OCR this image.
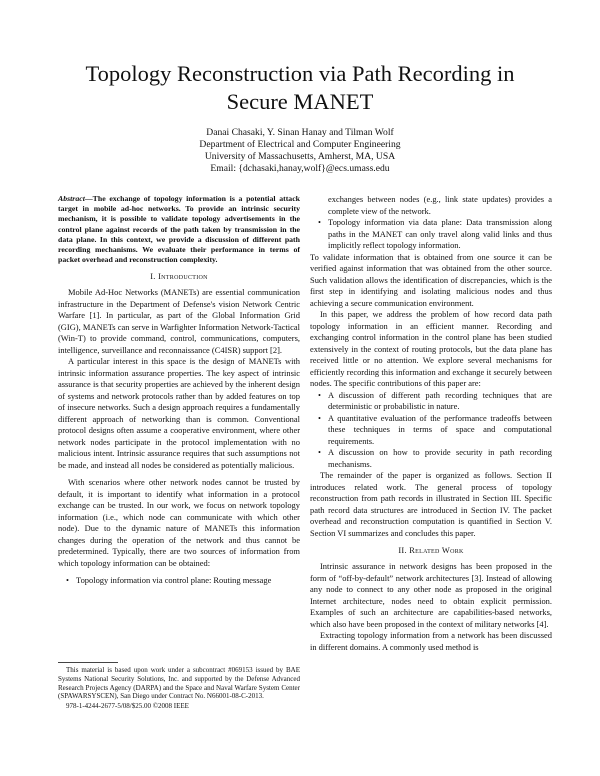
Topology Reconstruction via Path Recording in
Secure MANET
Danai Chasaki, Y. Sinan Hanay and Tilman Wolf
Department of Electrical and Computer Engineering
University of Massachusetts, Amherst, MA, USA
Email: {dchasaki,hanay,wolf}@ecs.umass.edu

Abstract—The exchange of topology information is a potential attack target in mobile ad-hoc networks. To provide an intrinsic security mechanism, it is possible to validate topology advertisements in the control plane against records of the path taken by transmission in the data plane. In this context, we provide a discussion of different path recording mechanisms. We evaluate their performance in terms of packet overhead and reconstruction complexity.

I. Introduction

Mobile Ad-Hoc Networks (MANETs) are essential communication infrastructure in the Department of Defense's vision Network Centric Warfare [1]. In particular, as part of the Global Information Grid (GIG), MANETs can serve in Warfighter Information Network-Tactical (Win-T) to provide command, control, communications, computers, intelligence, surveillance and reconnaissance (C4ISR) support [2].

A particular interest in this space is the design of MANETs with intrinsic information assurance properties. The key aspect of intrinsic assurance is that security properties are achieved by the inherent design of systems and network protocols rather than by added features on top of insecure networks. Such a design approach requires a fundamentally different approach of networking than is common. Conventional protocol designs often assume a cooperative environment, where other network nodes participate in the protocol implementation with no malicious intent. Intrinsic assurance requires that such assumptions not be made, and instead all nodes be considered as potentially malicious.

With scenarios where other network nodes cannot be trusted by default, it is important to identify what information in a protocol exchange can be trusted. In our work, we focus on network topology information (i.e., which node can communicate with which other node). Due to the dynamic nature of MANETs this information changes during the operation of the network and thus cannot be predetermined. Typically, there are two sources of information from which topology information can be obtained:

• Topology information via control plane: Routing message

This material is based upon work under a subcontract #069153 issued by BAE Systems National Security Solutions, Inc. and supported by the Defense Advanced Research Projects Agency (DARPA) and the Space and Naval Warfare System Center (SPAWARSYSCEN), San Diego under Contract No. N66001-08-C-2013.

978-1-4244-2677-5/08/$25.00 ©2008 IEEE

exchanges between nodes (e.g., link state updates) provides a complete view of the network.
• Topology information via data plane: Data transmission along paths in the MANET can only travel along valid links and thus implicitly reflect topology information.

To validate information that is obtained from one source it can be verified against information that was obtained from the other source. Such validation allows the identification of discrepancies, which is the first step in identifying and isolating malicious nodes and thus achieving a secure communication environment.

In this paper, we address the problem of how record data path topology information in an efficient manner. Recording and exchanging control information in the control plane has been studied extensively in the context of routing protocols, but the data plane has received little or no attention. We explore several mechanisms for efficiently recording this information and exchange it securely between nodes. The specific contributions of this paper are:

• A discussion of different path recording techniques that are deterministic or probabilistic in nature.
• A quantitative evaluation of the performance tradeoffs between these techniques in terms of space and computational requirements.
• A discussion on how to provide security in path recording mechanisms.

The remainder of the paper is organized as follows. Section II introduces related work. The general process of topology reconstruction from path records in illustrated in Section III. Specific path record data structures are introduced in Section IV. The packet overhead and reconstruction computation is quantified in Section V. Section VI summarizes and concludes this paper.

II. Related Work

Intrinsic assurance in network designs has been proposed in the form of “off-by-default” network architectures [3]. Instead of allowing any node to connect to any other node as proposed in the original Internet architecture, nodes need to obtain explicit permission. Examples of such an architecture are capabilities-based networks, which also have been proposed in the context of military networks [4].

Extracting topology information from a network has been discussed in different domains. A commonly used method is
